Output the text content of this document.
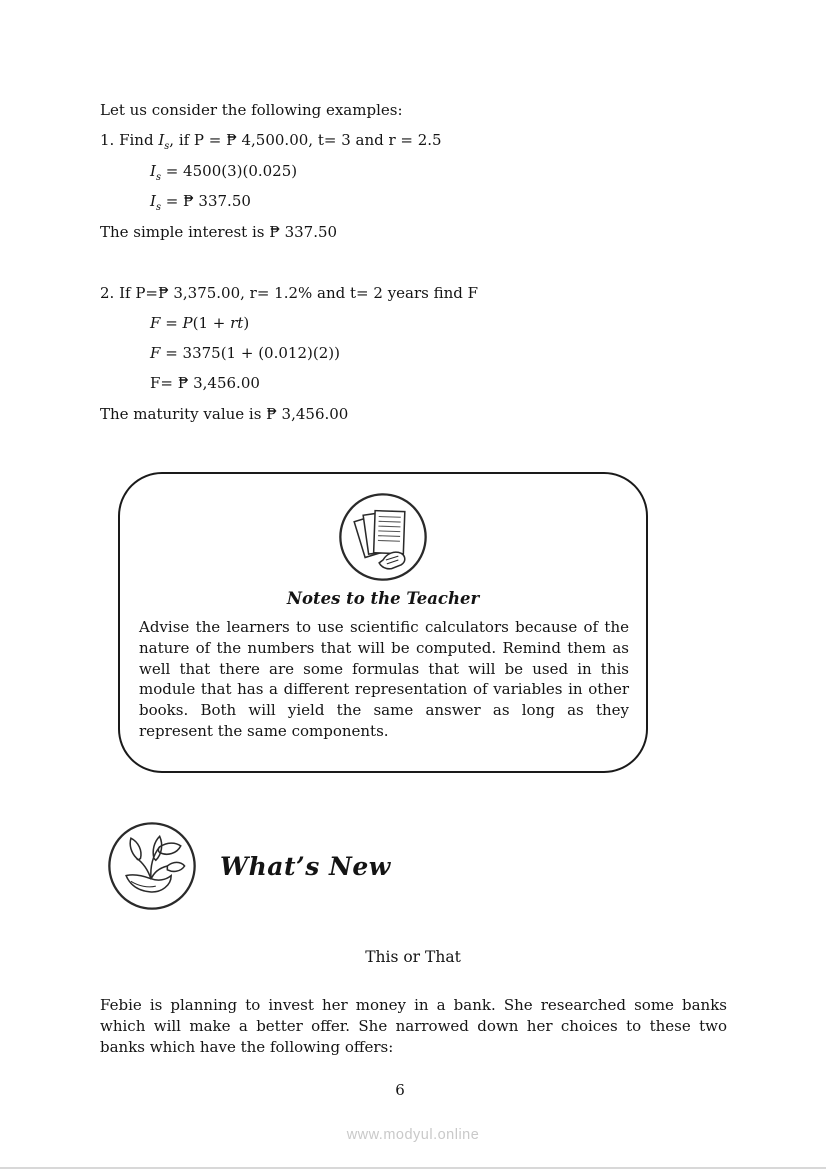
Let us consider the following examples:

1. Find $I_s$, if P = ₱ 4,500.00, t= 3 and r = 2.5

$I_s = 4500(3)(0.025)$

$I_s$ = ₱ 337.50

The simple interest is ₱ 337.50

2. If P=₱ 3,375.00, r= 1.2% and t= 2 years find F

F = P(1 + rt)

F = 3375(1 + (0.012)(2))

F= ₱ 3,456.00

The maturity value is ₱ 3,456.00

Notes to the Teacher

Advise the learners to use scientific calculators because of the nature of the numbers that will be computed. Remind them as well that there are some formulas that will be used in this module that has a different representation of variables in other books. Both will yield the same answer as long as they represent the same components.

What’s New

This or That

Febie is planning to invest her money in a bank. She researched some banks which will make a better offer. She narrowed down her choices to these two banks which have the following offers:

6

www.modyul.online
